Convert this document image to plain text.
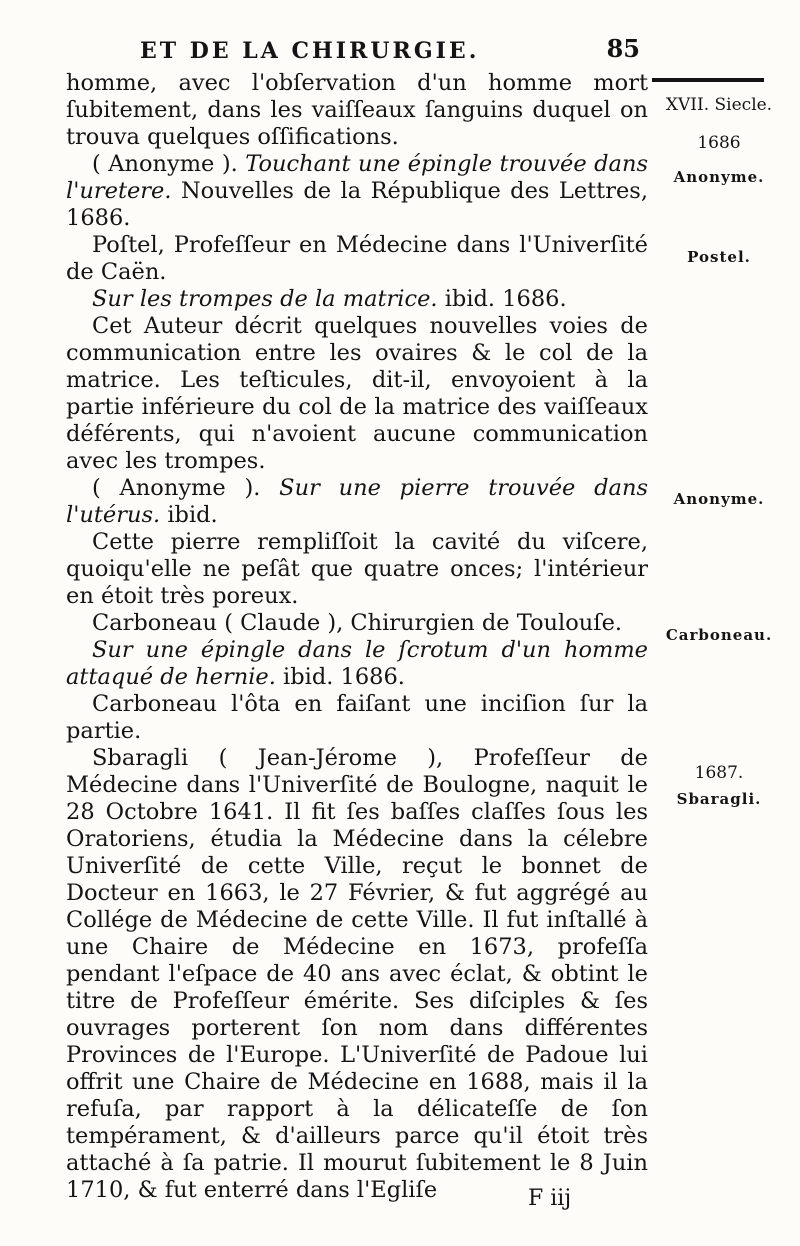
ET DE LA CHIRURGIE.	85

homme, avec l'obſervation d'un homme mort ſubitement, dans les vaiſſeaux ſanguins duquel on trouva quelques oſſifications.

( Anonyme ). Touchant une épingle trouvée dans l'uretere. Nouvelles de la République des Lettres, 1686.

Poſtel, Profeſſeur en Médecine dans l'Univerſité de Caën.

Sur les trompes de la matrice. ibid. 1686.

Cet Auteur décrit quelques nouvelles voies de communication entre les ovaires & le col de la matrice. Les teſticules, dit-il, envoyoient à la partie inférieure du col de la matrice des vaiſſeaux déférents, qui n'avoient aucune communication avec les trompes.

( Anonyme ). Sur une pierre trouvée dans l'utérus. ibid.

Cette pierre rempliſſoit la cavité du viſcere, quoiqu'elle ne peſât que quatre onces; l'intérieur en étoit très poreux.

Carboneau ( Claude ), Chirurgien de Toulouſe.

Sur une épingle dans le ſcrotum d'un homme attaqué de hernie. ibid. 1686.

Carboneau l'ôta en faiſant une inciſion ſur la partie.

Sbaragli ( Jean-Jérome ), Profeſſeur de Médecine dans l'Univerſité de Boulogne, naquit le 28 Octobre 1641. Il fit ſes baſſes claſſes ſous les Oratoriens, étudia la Médecine dans la célebre Univerſité de cette Ville, reçut le bonnet de Docteur en 1663, le 27 Février, & fut aggrégé au Collége de Médecine de cette Ville. Il fut inſtallé à une Chaire de Médecine en 1673, profeſſa pendant l'eſpace de 40 ans avec éclat, & obtint le titre de Profeſſeur émérite. Ses diſciples & ſes ouvrages porterent ſon nom dans différentes Provinces de l'Europe. L'Univerſité de Padoue lui offrit une Chaire de Médecine en 1688, mais il la refuſa, par rapport à la délicateſſe de ſon tempérament, & d'ailleurs parce qu'il étoit très attaché à ſa patrie. Il mourut ſubitement le 8 Juin 1710, & fut enterré dans l'Egliſe

XVII. Siecle.
1686
Anonyme.
Postel.
Anonyme.
Carboneau.
1687.
Sbaragli.
F iij
